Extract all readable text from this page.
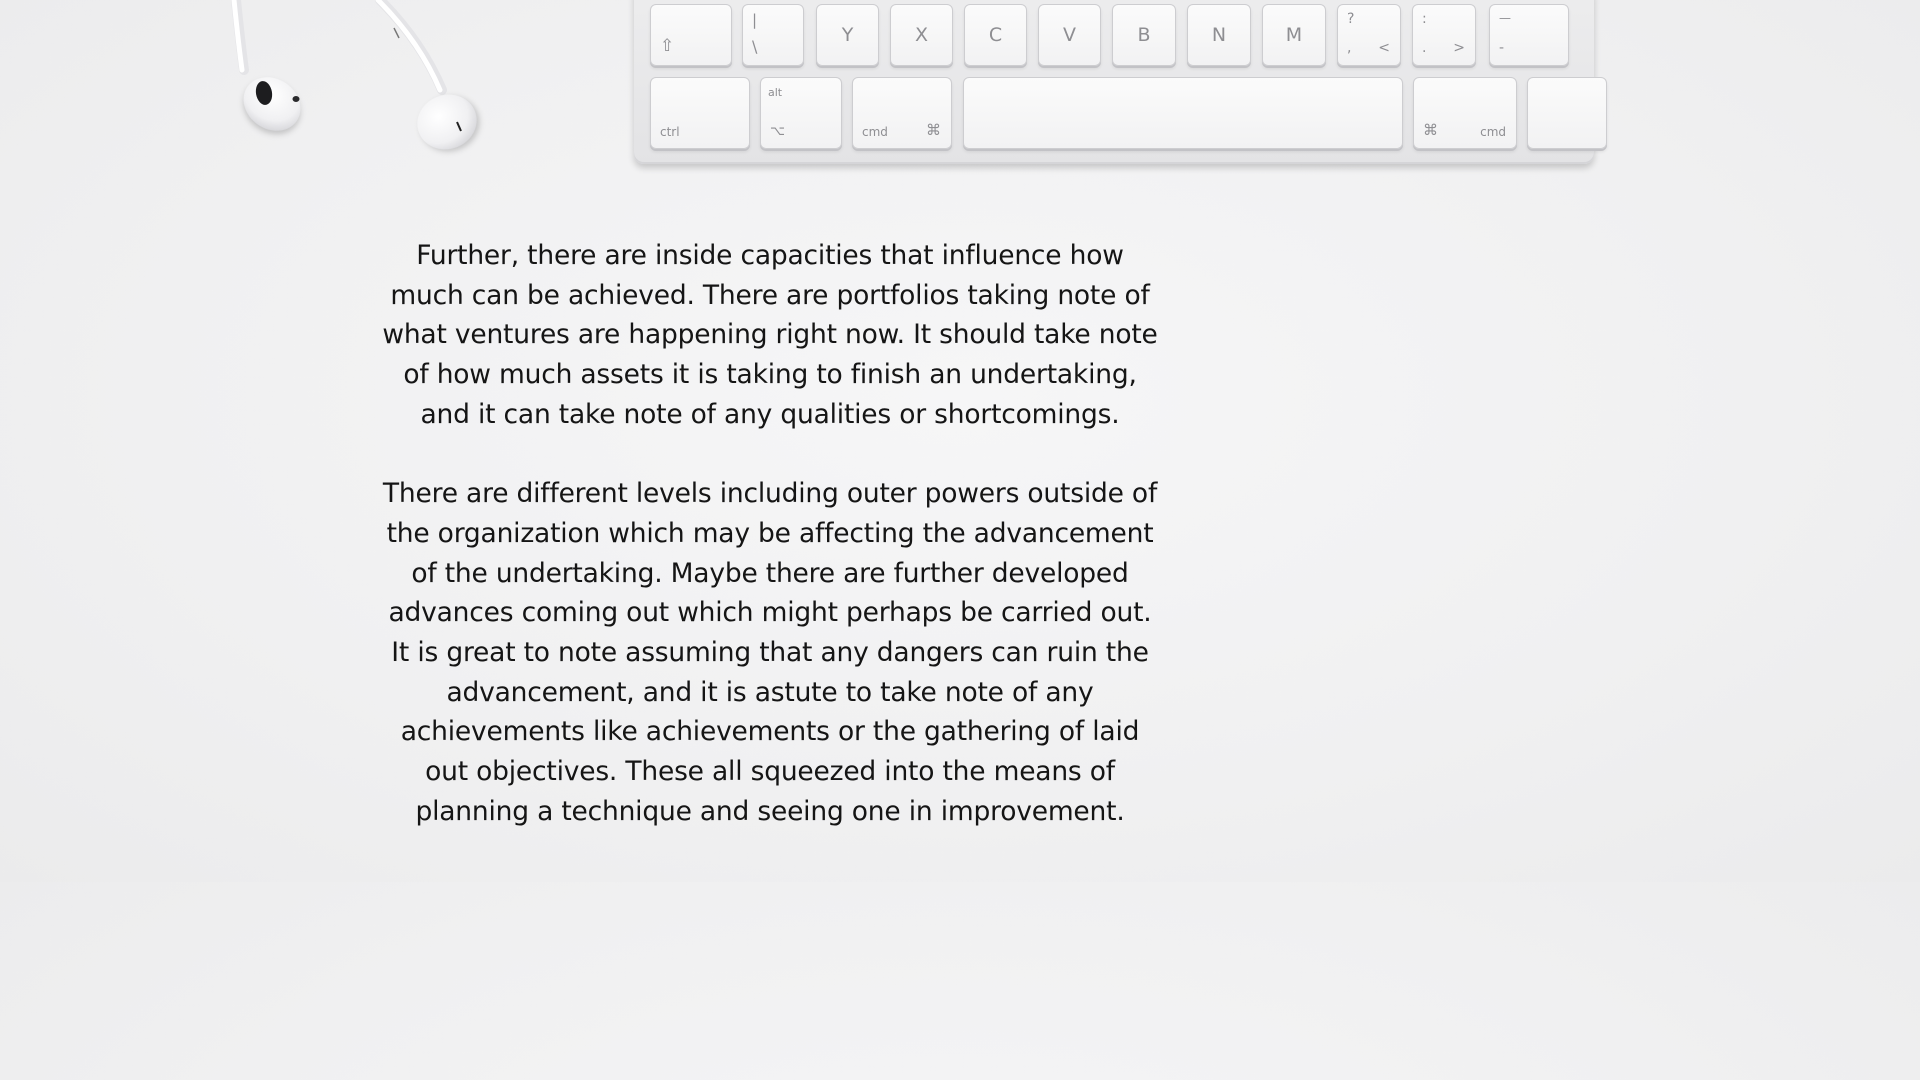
⇧
|
\
Y	X	C	V	B	N	M
?
, <
:
. >
—
-
ctrl
alt
⌥	cmd	⌘	⌘	cmd
Further, there are inside capacities that influence how
much can be achieved. There are portfolios taking note of
what ventures are happening right now. It should take note
of how much assets it is taking to finish an undertaking,
and it can take note of any qualities or shortcomings.
There are different levels including outer powers outside of
the organization which may be affecting the advancement
of the undertaking. Maybe there are further developed
advances coming out which might perhaps be carried out.
It is great to note assuming that any dangers can ruin the
advancement, and it is astute to take note of any
achievements like achievements or the gathering of laid
out objectives. These all squeezed into the means of
planning a technique and seeing one in improvement.
